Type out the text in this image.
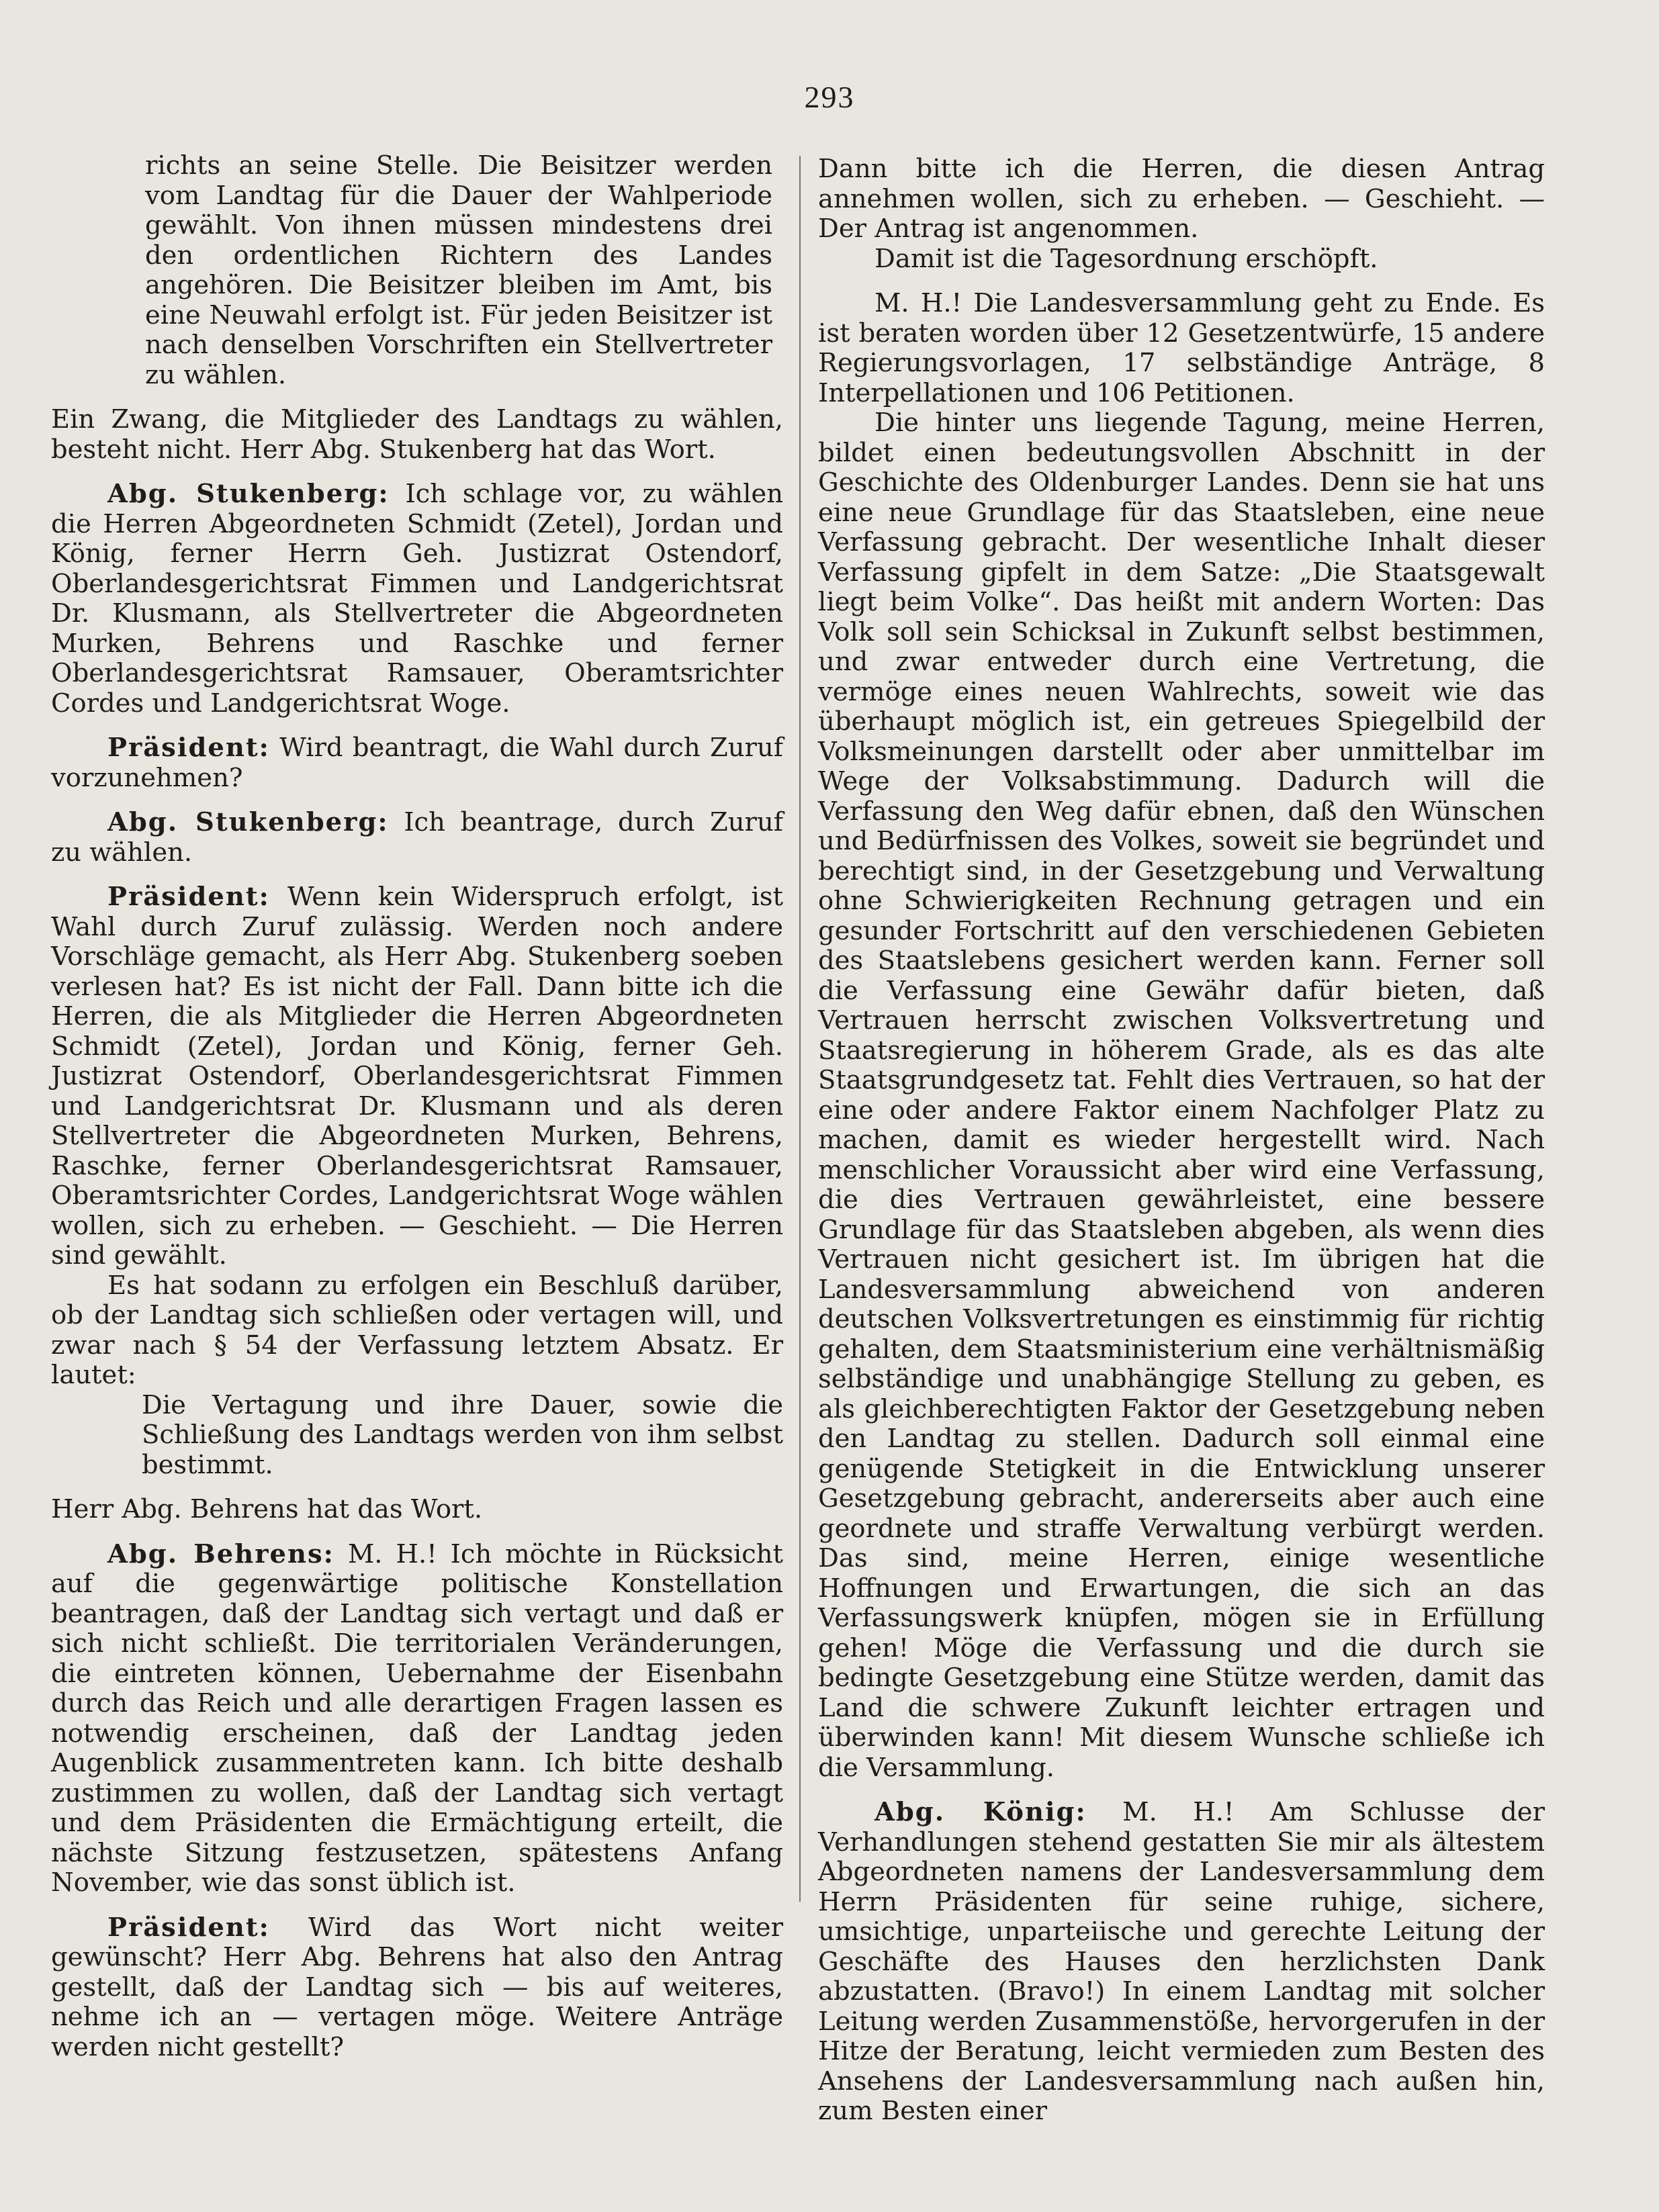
293

richts an seine Stelle. Die Beisitzer werden vom Landtag für die Dauer der Wahlperiode gewählt. Von ihnen müssen mindestens drei den ordentlichen Richtern des Landes angehören. Die Beisitzer bleiben im Amt, bis eine Neuwahl erfolgt ist. Für jeden Beisitzer ist nach denselben Vorschriften ein Stellvertreter zu wählen.

Ein Zwang, die Mitglieder des Landtags zu wählen, besteht nicht. Herr Abg. Stukenberg hat das Wort.

Abg. Stukenberg: Ich schlage vor, zu wählen die Herren Abgeordneten Schmidt (Zetel), Jordan und König, ferner Herrn Geh. Justizrat Ostendorf, Oberlandesgerichtsrat Fimmen und Landgerichtsrat Dr. Klusmann, als Stellvertreter die Abgeordneten Murken, Behrens und Raschke und ferner Oberlandesgerichtsrat Ramsauer, Oberamtsrichter Cordes und Landgerichtsrat Woge.

Präsident: Wird beantragt, die Wahl durch Zuruf vorzunehmen?

Abg. Stukenberg: Ich beantrage, durch Zuruf zu wählen.

Präsident: Wenn kein Widerspruch erfolgt, ist Wahl durch Zuruf zulässig. Werden noch andere Vorschläge gemacht, als Herr Abg. Stukenberg soeben verlesen hat? Es ist nicht der Fall. Dann bitte ich die Herren, die als Mitglieder die Herren Abgeordneten Schmidt (Zetel), Jordan und König, ferner Geh. Justizrat Ostendorf, Oberlandesgerichtsrat Fimmen und Landgerichtsrat Dr. Klusmann und als deren Stellvertreter die Abgeordneten Murken, Behrens, Raschke, ferner Oberlandesgerichtsrat Ramsauer, Oberamtsrichter Cordes, Landgerichtsrat Woge wählen wollen, sich zu erheben. — Geschieht. — Die Herren sind gewählt.

Es hat sodann zu erfolgen ein Beschluß darüber, ob der Landtag sich schließen oder vertagen will, und zwar nach § 54 der Verfassung letztem Absatz. Er lautet:

Die Vertagung und ihre Dauer, sowie die Schließung des Landtags werden von ihm selbst bestimmt.

Herr Abg. Behrens hat das Wort.

Abg. Behrens: M. H.! Ich möchte in Rücksicht auf die gegenwärtige politische Konstellation beantragen, daß der Landtag sich vertagt und daß er sich nicht schließt. Die territorialen Veränderungen, die eintreten können, Uebernahme der Eisenbahn durch das Reich und alle derartigen Fragen lassen es notwendig erscheinen, daß der Landtag jeden Augenblick zusammentreten kann. Ich bitte deshalb zustimmen zu wollen, daß der Landtag sich vertagt und dem Präsidenten die Ermächtigung erteilt, die nächste Sitzung festzusetzen, spätestens Anfang November, wie das sonst üblich ist.

Präsident: Wird das Wort nicht weiter gewünscht? Herr Abg. Behrens hat also den Antrag gestellt, daß der Landtag sich — bis auf weiteres, nehme ich an — vertagen möge. Weitere Anträge werden nicht gestellt?

Dann bitte ich die Herren, die diesen Antrag annehmen wollen, sich zu erheben. — Geschieht. — Der Antrag ist angenommen.

Damit ist die Tagesordnung erschöpft.

M. H.! Die Landesversammlung geht zu Ende. Es ist beraten worden über 12 Gesetzentwürfe, 15 andere Regierungsvorlagen, 17 selbständige Anträge, 8 Interpellationen und 106 Petitionen.

Die hinter uns liegende Tagung, meine Herren, bildet einen bedeutungsvollen Abschnitt in der Geschichte des Oldenburger Landes. Denn sie hat uns eine neue Grundlage für das Staatsleben, eine neue Verfassung gebracht. Der wesentliche Inhalt dieser Verfassung gipfelt in dem Satze: „Die Staatsgewalt liegt beim Volke“. Das heißt mit andern Worten: Das Volk soll sein Schicksal in Zukunft selbst bestimmen, und zwar entweder durch eine Vertretung, die vermöge eines neuen Wahlrechts, soweit wie das überhaupt möglich ist, ein getreues Spiegelbild der Volksmeinungen darstellt oder aber unmittelbar im Wege der Volksabstimmung. Dadurch will die Verfassung den Weg dafür ebnen, daß den Wünschen und Bedürfnissen des Volkes, soweit sie begründet und berechtigt sind, in der Gesetzgebung und Verwaltung ohne Schwierigkeiten Rechnung getragen und ein gesunder Fortschritt auf den verschiedenen Gebieten des Staatslebens gesichert werden kann. Ferner soll die Verfassung eine Gewähr dafür bieten, daß Vertrauen herrscht zwischen Volksvertretung und Staatsregierung in höherem Grade, als es das alte Staatsgrundgesetz tat. Fehlt dies Vertrauen, so hat der eine oder andere Faktor einem Nachfolger Platz zu machen, damit es wieder hergestellt wird. Nach menschlicher Voraussicht aber wird eine Verfassung, die dies Vertrauen gewährleistet, eine bessere Grundlage für das Staatsleben abgeben, als wenn dies Vertrauen nicht gesichert ist. Im übrigen hat die Landesversammlung abweichend von anderen deutschen Volksvertretungen es einstimmig für richtig gehalten, dem Staatsministerium eine verhältnismäßig selbständige und unabhängige Stellung zu geben, es als gleichberechtigten Faktor der Gesetzgebung neben den Landtag zu stellen. Dadurch soll einmal eine genügende Stetigkeit in die Entwicklung unserer Gesetzgebung gebracht, andererseits aber auch eine geordnete und straffe Verwaltung verbürgt werden. Das sind, meine Herren, einige wesentliche Hoffnungen und Erwartungen, die sich an das Verfassungswerk knüpfen, mögen sie in Erfüllung gehen! Möge die Verfassung und die durch sie bedingte Gesetzgebung eine Stütze werden, damit das Land die schwere Zukunft leichter ertragen und überwinden kann! Mit diesem Wunsche schließe ich die Versammlung.

Abg. König: M. H.! Am Schlusse der Verhandlungen stehend gestatten Sie mir als ältestem Abgeordneten namens der Landesversammlung dem Herrn Präsidenten für seine ruhige, sichere, umsichtige, unparteiische und gerechte Leitung der Geschäfte des Hauses den herzlichsten Dank abzustatten. (Bravo!) In einem Landtag mit solcher Leitung werden Zusammenstöße, hervorgerufen in der Hitze der Beratung, leicht vermieden zum Besten des Ansehens der Landesversammlung nach außen hin, zum Besten einer
